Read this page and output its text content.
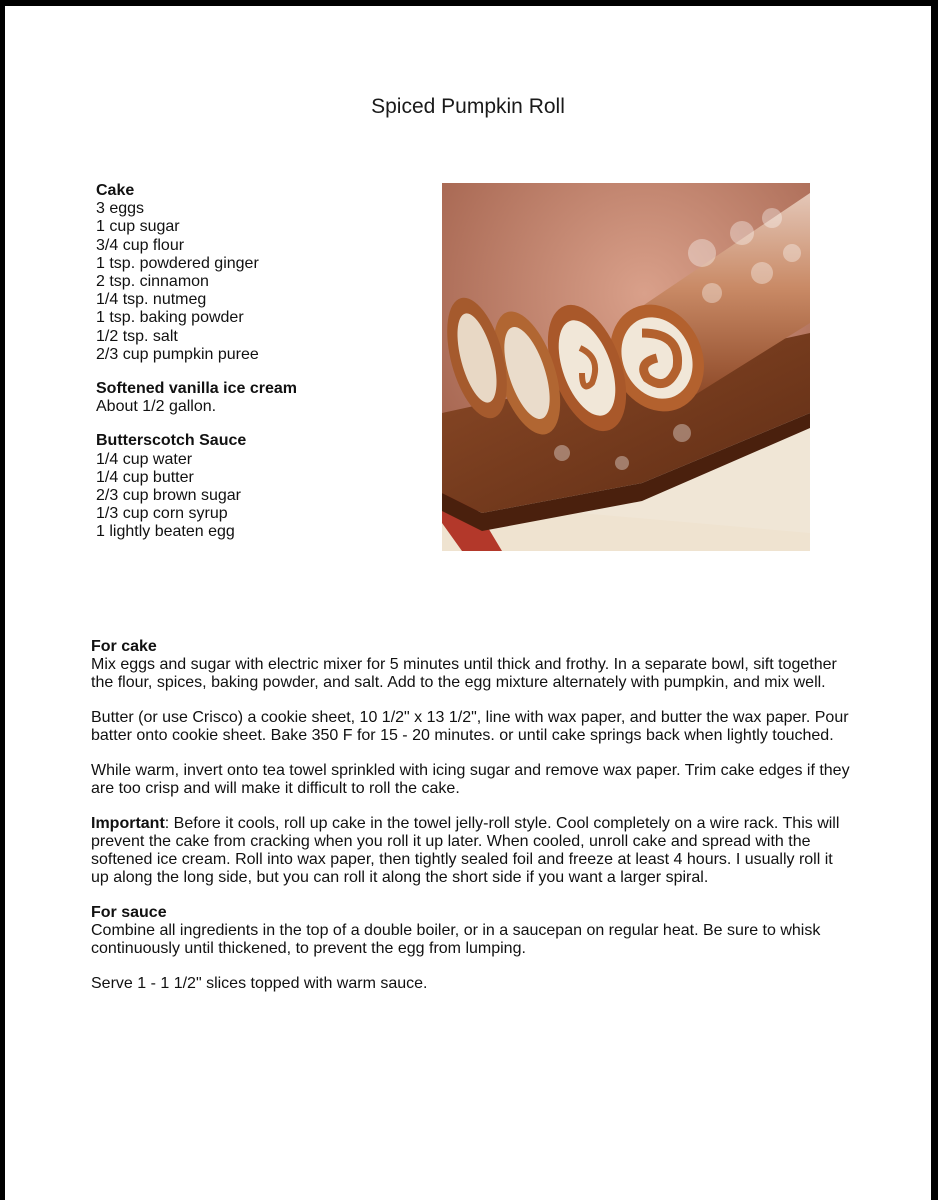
Spiced Pumpkin Roll
Cake
3 eggs
1 cup sugar
3/4 cup flour
1 tsp. powdered ginger
2 tsp. cinnamon
1/4 tsp. nutmeg
1 tsp. baking powder
1/2 tsp. salt
2/3 cup pumpkin puree
Softened vanilla ice cream
About 1/2 gallon.
Butterscotch Sauce
1/4 cup water
1/4 cup butter
2/3 cup brown sugar
1/3 cup corn syrup
1 lightly beaten egg

For cake
Mix eggs and sugar with electric mixer for 5 minutes until thick and frothy. In a separate bowl, sift together the flour, spices, baking powder, and salt. Add to the egg mixture alternately with pumpkin, and mix well.

Butter (or use Crisco) a cookie sheet, 10 1/2" x 13 1/2", line with wax paper, and butter the wax paper. Pour batter onto cookie sheet. Bake 350 F for 15 - 20 minutes. or until cake springs back when lightly touched.

While warm, invert onto tea towel sprinkled with icing sugar and remove wax paper. Trim cake edges if they are too crisp and will make it difficult to roll the cake.

Important: Before it cools, roll up cake in the towel jelly-roll style. Cool completely on a wire rack. This will prevent the cake from cracking when you roll it up later. When cooled, unroll cake and spread with the softened ice cream. Roll into wax paper, then tightly sealed foil and freeze at least 4 hours. I usually roll it up along the long side, but you can roll it along the short side if you want a larger spiral.

For sauce
Combine all ingredients in the top of a double boiler, or in a saucepan on regular heat. Be sure to whisk continuously until thickened, to prevent the egg from lumping.

Serve 1 - 1 1/2" slices topped with warm sauce.
